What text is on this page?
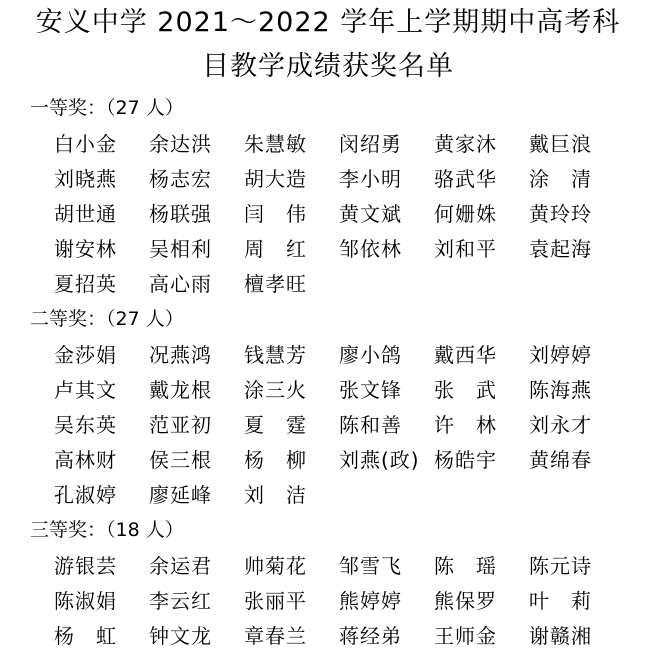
安义中学 2021～2022 学年上学期期中高考科
目教学成绩获奖名单
一等奖：（27 人）
白小金 余达洪 朱慧敏 闵绍勇 黄家沐 戴巨浪
刘晓燕 杨志宏 胡大造 李小明 骆武华 涂　清
胡世通 杨联强 闫　伟 黄文斌 何姗姝 黄玲玲
谢安林 吴相利 周　红 邹依林 刘和平 袁起海
夏招英 高心雨 檀孝旺
二等奖：（27 人）
金莎娟 况燕鸿 钱慧芳 廖小鸽 戴西华 刘婷婷
卢其文 戴龙根 涂三火 张文锋 张　武 陈海燕
吴东英 范亚初 夏　霆 陈和善 许　林 刘永才
高林财 侯三根 杨　柳 刘燕(政) 杨皓宇 黄绵春
孔淑婷 廖延峰 刘　洁
三等奖：（18 人）
游银芸 余运君 帅菊花 邹雪飞 陈　瑶 陈元诗
陈淑娟 李云红 张丽平 熊婷婷 熊保罗 叶　莉
杨　虹 钟文龙 章春兰 蒋经弟 王师金 谢赣湘
